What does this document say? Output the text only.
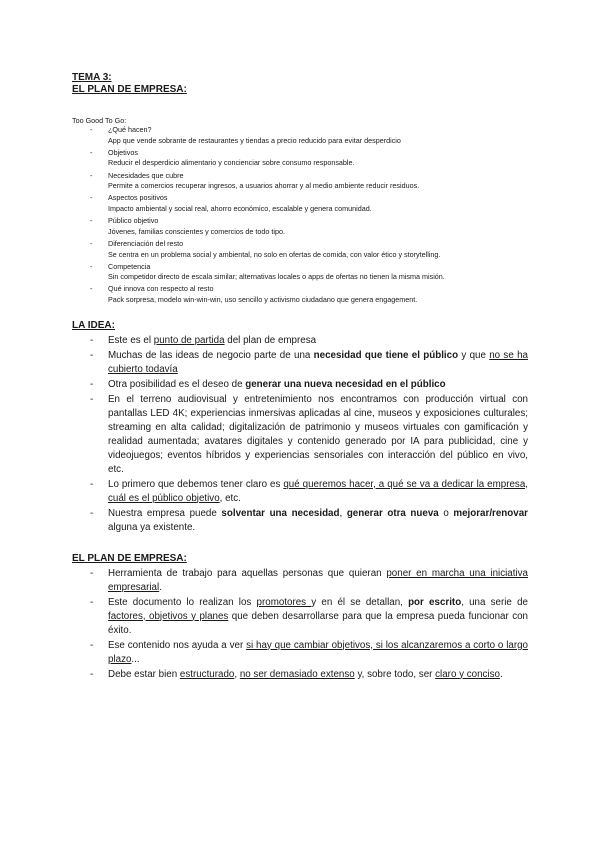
TEMA 3:

EL PLAN DE EMPRESA:

Too Good To Go:
- ¿Qué hacen?
App que vende sobrante de restaurantes y tiendas a precio reducido para evitar desperdicio
- Objetivos
Reducir el desperdicio alimentario y concienciar sobre consumo responsable.
- Necesidades que cubre
Permite a comercios recuperar ingresos, a usuarios ahorrar y al medio ambiente reducir residuos.
- Aspectos positivos
Impacto ambiental y social real, ahorro económico, escalable y genera comunidad.
- Público objetivo
Jóvenes, familias conscientes y comercios de todo tipo.
- Diferenciación del resto
Se centra en un problema social y ambiental, no solo en ofertas de comida, con valor ético y storytelling.
- Competencia
Sin competidor directo de escala similar; alternativas locales o apps de ofertas no tienen la misma misión.
- Qué innova con respecto al resto
Pack sorpresa, modelo win-win-win, uso sencillo y activismo ciudadano que genera engagement.
LA IDEA:
- Este es el punto de partida del plan de empresa
- Muchas de las ideas de negocio parte de una necesidad que tiene el público y que no se ha cubierto todavía
- Otra posibilidad es el deseo de generar una nueva necesidad en el público
- En el terreno audiovisual y entretenimiento nos encontramos con producción virtual con pantallas LED 4K; experiencias inmersivas aplicadas al cine, museos y exposiciones culturales; streaming en alta calidad; digitalización de patrimonio y museos virtuales con gamificación y realidad aumentada; avatares digitales y contenido generado por IA para publicidad, cine y videojuegos; eventos híbridos y experiencias sensoriales con interacción del público en vivo, etc.
- Lo primero que debemos tener claro es qué queremos hacer, a qué se va a dedicar la empresa, cuál es el público objetivo, etc.
- Nuestra empresa puede solventar una necesidad, generar otra nueva o mejorar/renovar alguna ya existente.
EL PLAN DE EMPRESA:
- Herramienta de trabajo para aquellas personas que quieran poner en marcha una iniciativa empresarial.
- Este documento lo realizan los promotores y en él se detallan, por escrito, una serie de factores, objetivos y planes que deben desarrollarse para que la empresa pueda funcionar con éxito.
- Ese contenido nos ayuda a ver si hay que cambiar objetivos, si los alcanzaremos a corto o largo plazo...
- Debe estar bien estructurado, no ser demasiado extenso y, sobre todo, ser claro y conciso.
